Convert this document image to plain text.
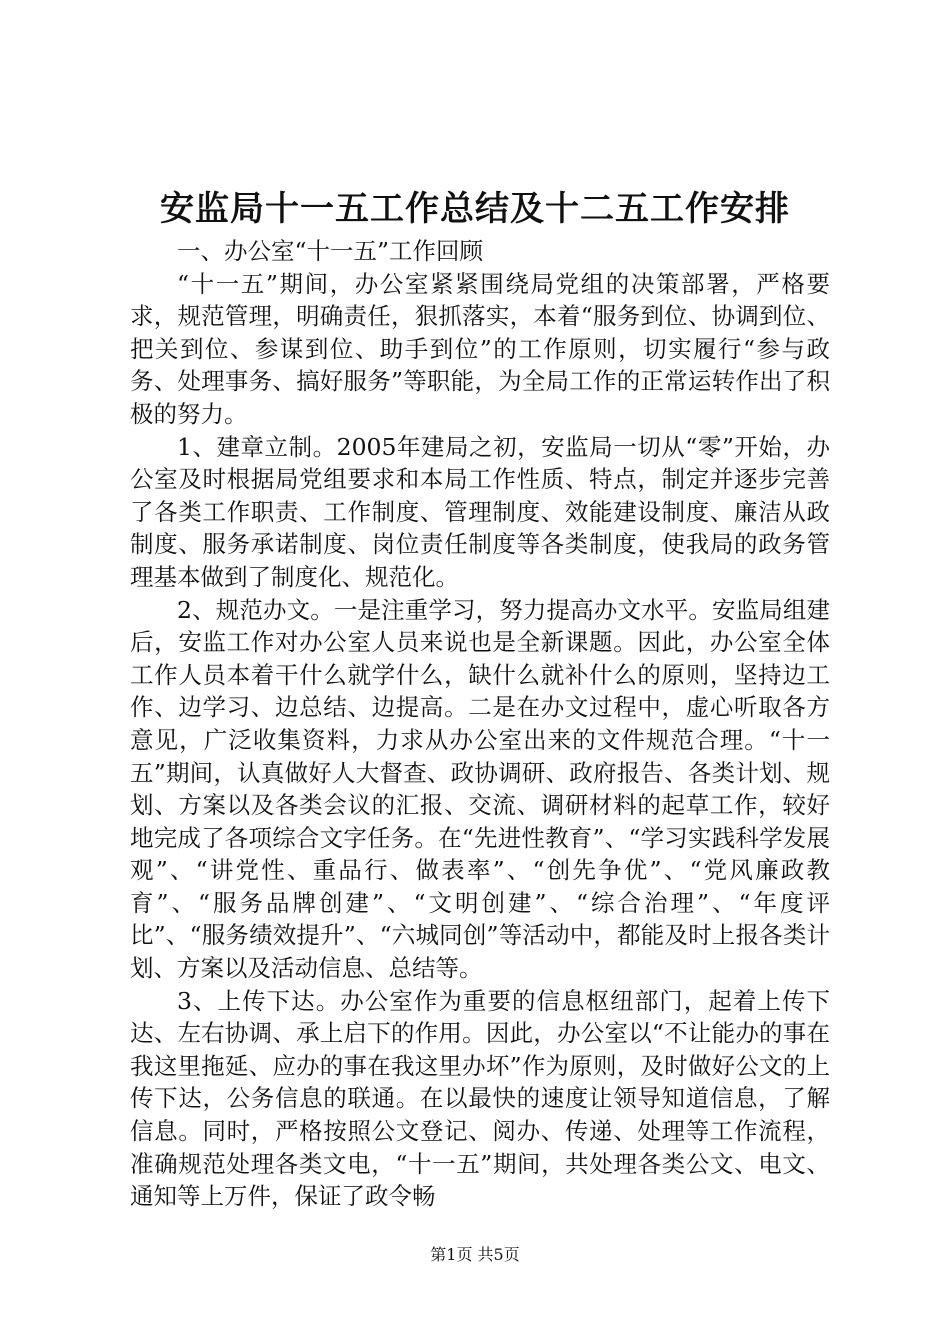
安监局十一五工作总结及十二五工作安排

一、办公室“十一五”工作回顾

“十一五”期间，办公室紧紧围绕局党组的决策部署，严格要求，规范管理，明确责任，狠抓落实，本着“服务到位、协调到位、把关到位、参谋到位、助手到位”的工作原则，切实履行“参与政务、处理事务、搞好服务”等职能，为全局工作的正常运转作出了积极的努力。

1、建章立制。2005年建局之初，安监局一切从“零”开始，办公室及时根据局党组要求和本局工作性质、特点，制定并逐步完善了各类工作职责、工作制度、管理制度、效能建设制度、廉洁从政制度、服务承诺制度、岗位责任制度等各类制度，使我局的政务管理基本做到了制度化、规范化。

2、规范办文。一是注重学习，努力提高办文水平。安监局组建后，安监工作对办公室人员来说也是全新课题。因此，办公室全体工作人员本着干什么就学什么，缺什么就补什么的原则，坚持边工作、边学习、边总结、边提高。二是在办文过程中，虚心听取各方意见，广泛收集资料，力求从办公室出来的文件规范合理。“十一五”期间，认真做好人大督查、政协调研、政府报告、各类计划、规划、方案以及各类会议的汇报、交流、调研材料的起草工作，较好地完成了各项综合文字任务。在“先进性教育”、“学习实践科学发展观”、“讲党性、重品行、做表率”、“创先争优”、“党风廉政教育”、“服务品牌创建”、“文明创建”、“综合治理”、“年度评比”、“服务绩效提升”、“六城同创”等活动中，都能及时上报各类计划、方案以及活动信息、总结等。

3、上传下达。办公室作为重要的信息枢纽部门，起着上传下达、左右协调、承上启下的作用。因此，办公室以“不让能办的事在我这里拖延、应办的事在我这里办坏”作为原则，及时做好公文的上传下达，公务信息的联通。在以最快的速度让领导知道信息，了解信息。同时，严格按照公文登记、阅办、传递、处理等工作流程，准确规范处理各类文电，“十一五”期间，共处理各类公文、电文、通知等上万件，保证了政令畅

第1页 共5页
